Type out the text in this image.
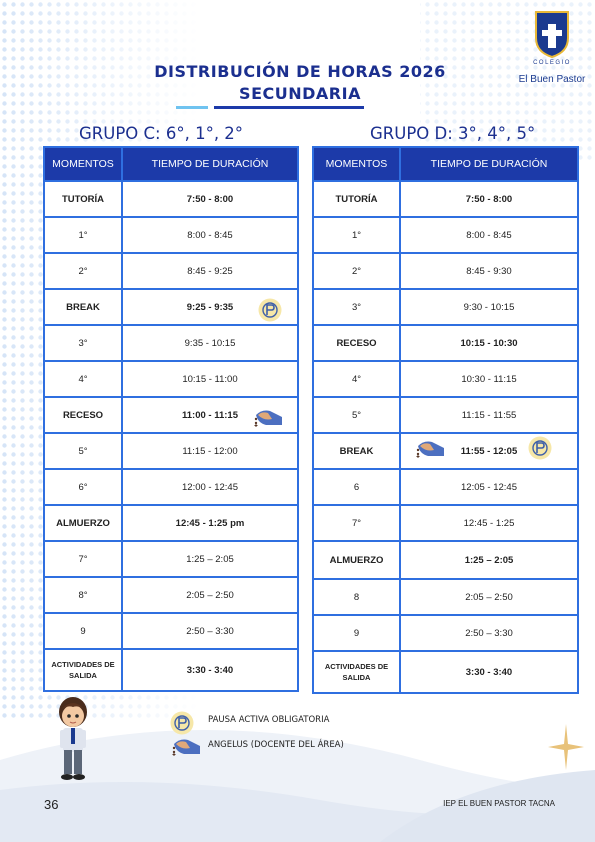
COLEGIO
El Buen Pastor
DISTRIBUCIÓN DE HORAS 2026
SECUNDARIA
GRUPO C: 6°, 1°, 2°	GRUPO D: 3°, 4°, 5°
MOMENTOS	TIEMPO DE DURACIÓN
TUTORÍA	7:50 - 8:00
1°	8:00 - 8:45
2°	8:45 - 9:25
BREAK	9:25 - 9:35
3°	9:35 - 10:15
4°	10:15 - 11:00
RECESO	11:00 - 11:15
5°	11:15 - 12:00
6°	12:00 - 12:45
ALMUERZO	12:45 - 1:25 pm
7°	1:25 – 2:05
8°	2:05 – 2:50
9	2:50 – 3:30
ACTIVIDADES DE SALIDA	3:30 - 3:40
MOMENTOS	TIEMPO DE DURACIÓN
TUTORÍA	7:50 - 8:00
1°	8:00 - 8:45
2°	8:45 - 9:30
3°	9:30 - 10:15
RECESO	10:15 - 10:30
4°	10:30 - 11:15
5°	11:15 - 11:55
BREAK	11:55 - 12:05
6	12:05 - 12:45
7°	12:45 - 1:25
ALMUERZO	1:25 – 2:05
8	2:05 – 2:50
9	2:50 – 3:30
ACTIVIDADES DE SALIDA	3:30 - 3:40
PAUSA ACTIVA OBLIGATORIA
ANGELUS (DOCENTE DEL ÁREA)
36	IEP EL BUEN PASTOR TACNA
